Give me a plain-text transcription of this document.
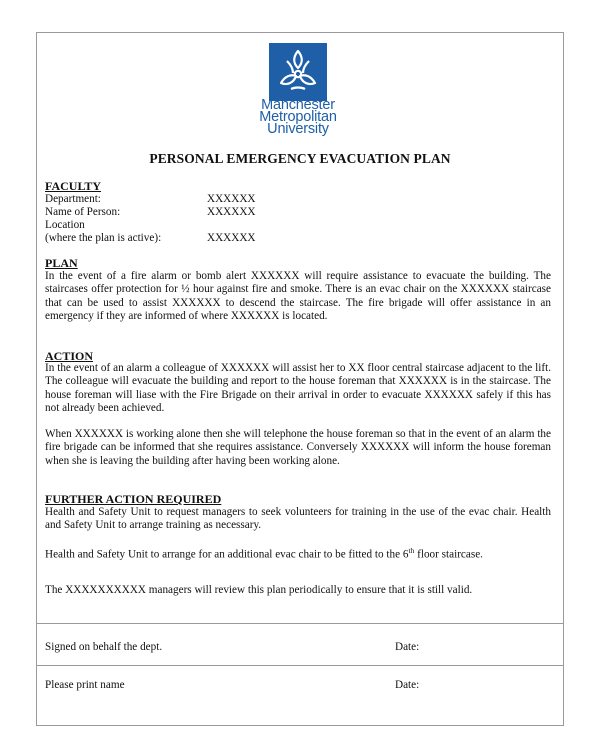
Manchester
Metropolitan
University
PERSONAL EMERGENCY EVACUATION PLAN
FACULTY
Department:	XXXXXX
Name of Person:	XXXXXX
Location
(where the plan is active):	XXXXXX
PLAN
In the event of a fire alarm or bomb alert XXXXXX will require assistance to evacuate the building. The staircases offer protection for ½ hour against fire and smoke. There is an evac chair on the XXXXXX staircase that can be used to assist XXXXXX to descend the staircase. The fire brigade will offer assistance in an emergency if they are informed of where XXXXXX is located.
ACTION
In the event of an alarm a colleague of XXXXXX will assist her to XX floor central staircase adjacent to the lift. The colleague will evacuate the building and report to the house foreman that XXXXXX is in the staircase. The house foreman will liase with the Fire Brigade on their arrival in order to evacuate XXXXXX safely if this has not already been achieved.
When XXXXXX is working alone then she will telephone the house foreman so that in the event of an alarm the fire brigade can be informed that she requires assistance. Conversely XXXXXX will inform the house foreman when she is leaving the building after having been working alone.
FURTHER ACTION REQUIRED
Health and Safety Unit to request managers to seek volunteers for training in the use of the evac chair. Health and Safety Unit to arrange training as necessary.
Health and Safety Unit to arrange for an additional evac chair to be fitted to the 6th floor staircase.
The XXXXXXXXXX managers will review this plan periodically to ensure that it is still valid.
Signed on behalf the dept.	Date:
Please print name	Date:
